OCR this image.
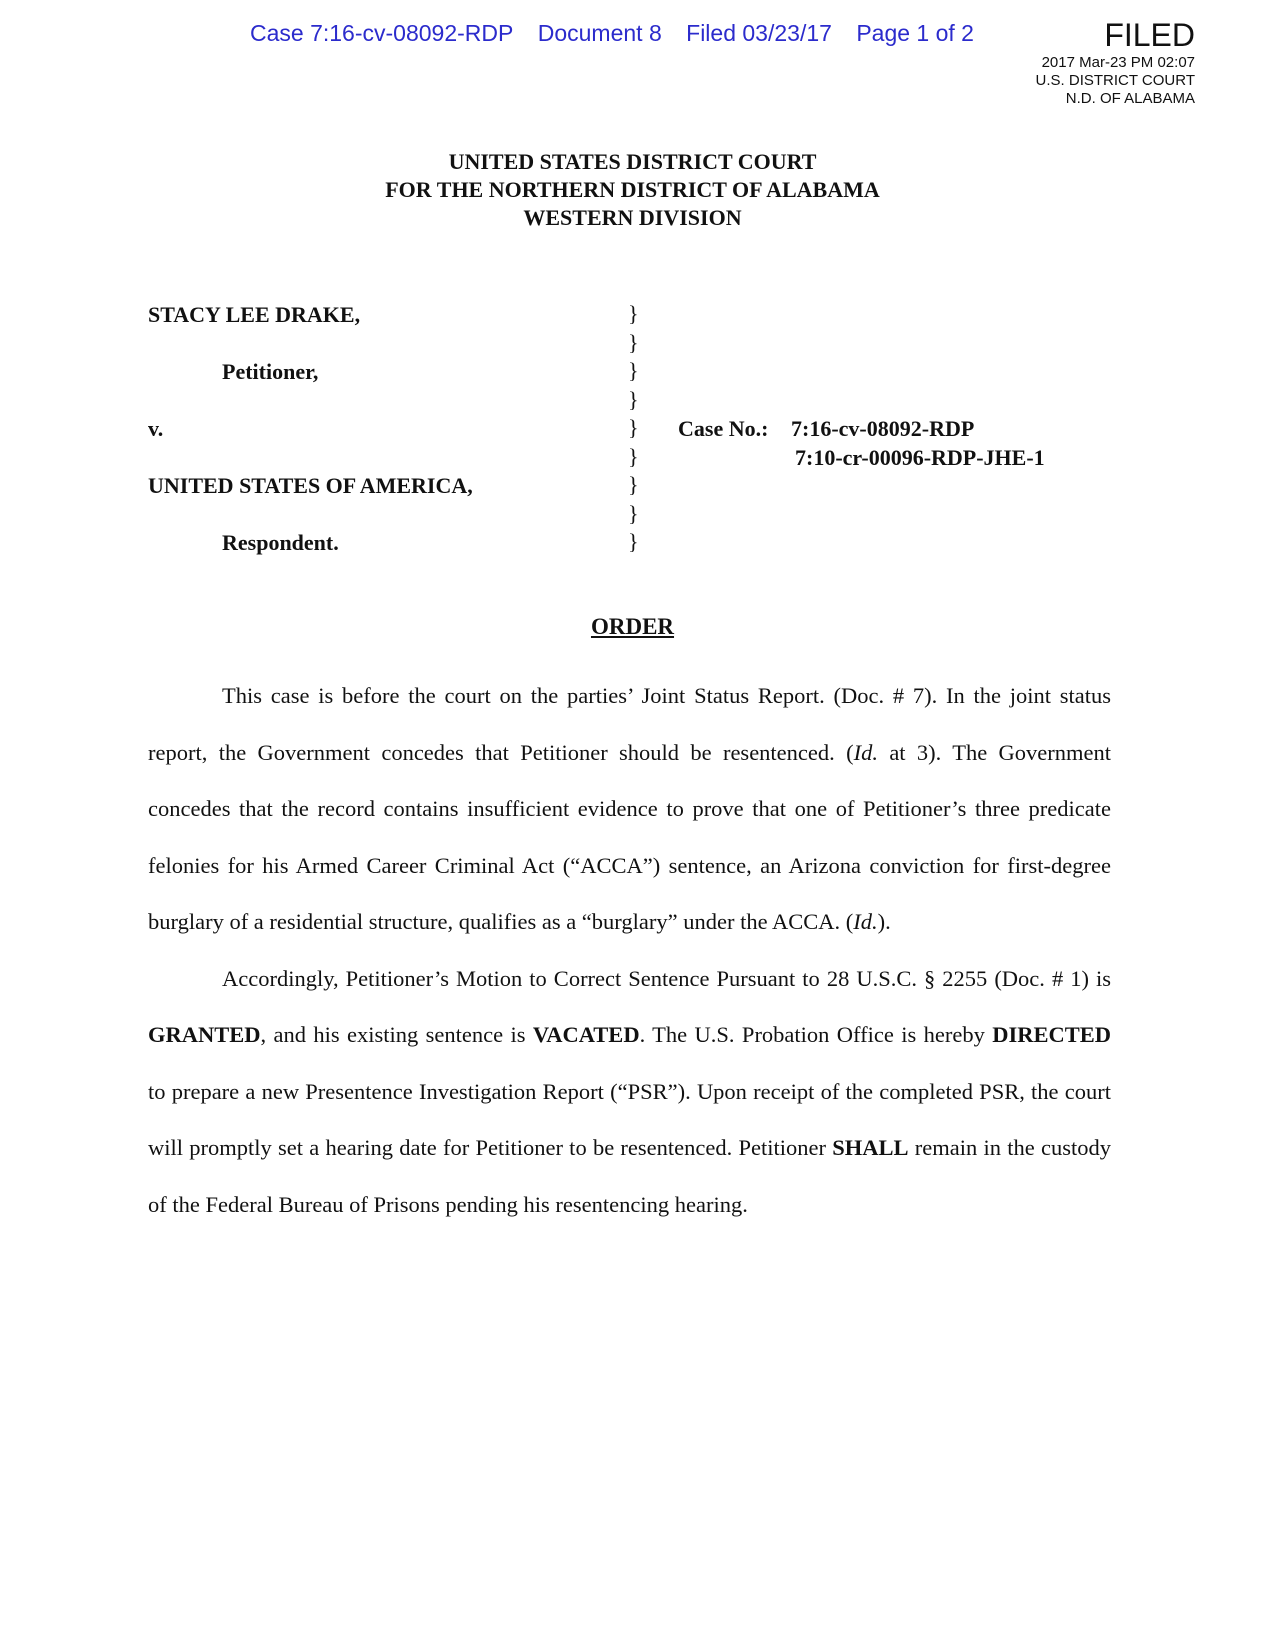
Case 7:16-cv-08092-RDP Document 8 Filed 03/23/17 Page 1 of 2	FILED
2017 Mar-23 PM 02:07
U.S. DISTRICT COURT
N.D. OF ALABAMA
UNITED STATES DISTRICT COURT
FOR THE NORTHERN DISTRICT OF ALABAMA
WESTERN DIVISION
STACY LEE DRAKE,
Petitioner,
v.
UNITED STATES OF AMERICA,
Respondent.
}
}
}
}
}
}
}
}
}
Case No.: 7:16-cv-08092-RDP
7:10-cr-00096-RDP-JHE-1
ORDER

This case is before the court on the parties’ Joint Status Report. (Doc. # 7). In the joint status report, the Government concedes that Petitioner should be resentenced. (Id. at 3). The Government concedes that the record contains insufficient evidence to prove that one of Petitioner’s three predicate felonies for his Armed Career Criminal Act (“ACCA”) sentence, an Arizona conviction for first-degree burglary of a residential structure, qualifies as a “burglary” under the ACCA. (Id.).

Accordingly, Petitioner’s Motion to Correct Sentence Pursuant to 28 U.S.C. § 2255 (Doc. # 1) is GRANTED, and his existing sentence is VACATED. The U.S. Probation Office is hereby DIRECTED to prepare a new Presentence Investigation Report (“PSR”). Upon receipt of the completed PSR, the court will promptly set a hearing date for Petitioner to be resentenced. Petitioner SHALL remain in the custody of the Federal Bureau of Prisons pending his resentencing hearing.
